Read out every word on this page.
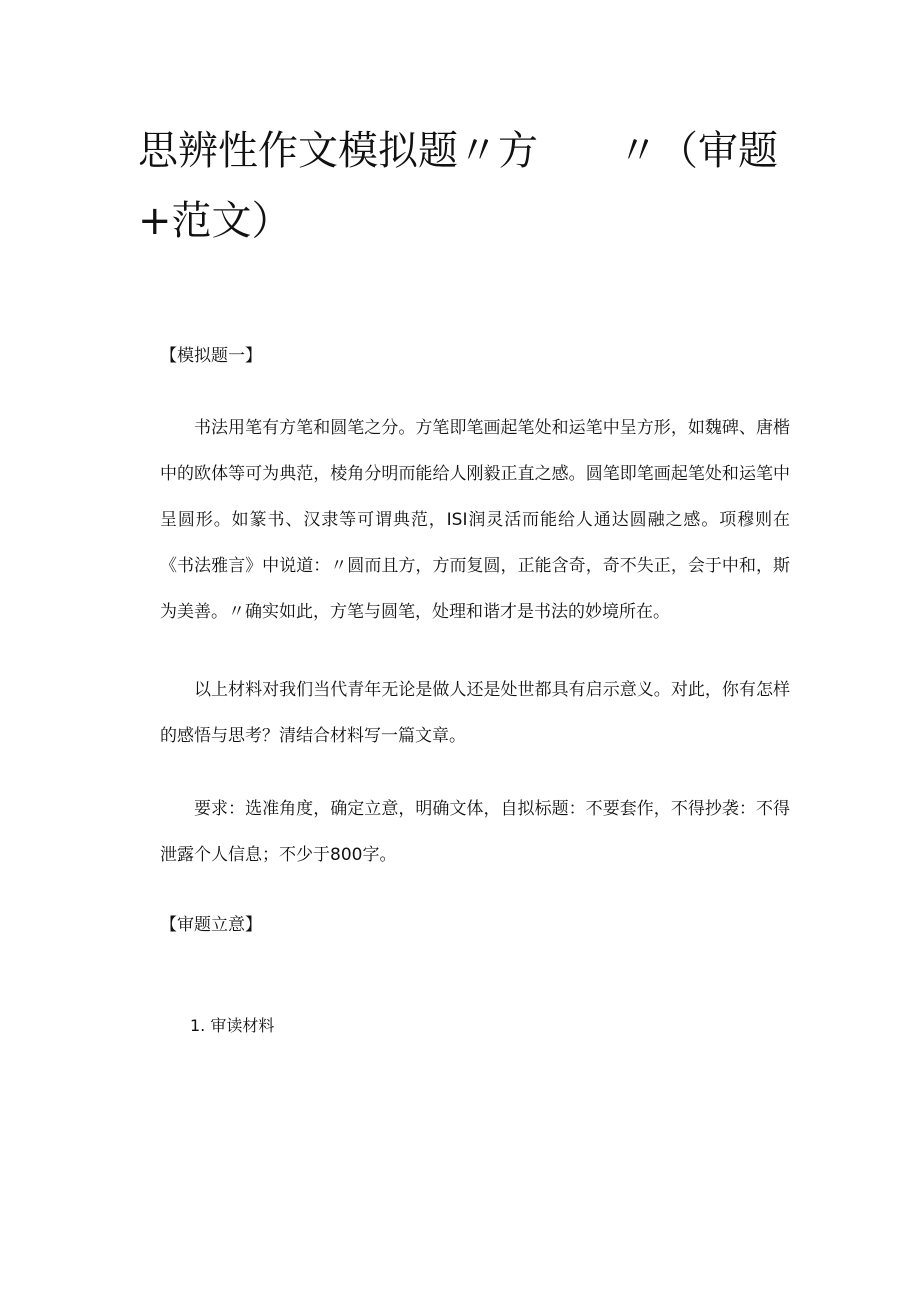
思辨性作文模拟题〃方　　〃（审题+范文）

【模拟题一】

书法用笔有方笔和圆笔之分。方笔即笔画起笔处和运笔中呈方形，如魏碑、唐楷中的欧体等可为典范，棱角分明而能给人刚毅正直之感。圆笔即笔画起笔处和运笔中呈圆形。如篆书、汉隶等可谓典范，ISI润灵活而能给人通达圆融之感。项穆则在《书法雅言》中说道：〃圆而且方，方而复圆，正能含奇，奇不失正，会于中和，斯为美善。〃确实如此，方笔与圆笔，处理和谐才是书法的妙境所在。

以上材料对我们当代青年无论是做人还是处世都具有启示意义。对此，你有怎样的感悟与思考？清结合材料写一篇文章。

要求：选准角度，确定立意，明确文体，自拟标题：不要套作，不得抄袭：不得泄露个人信息；不少于800字。

【审题立意】

1. 审读材料
